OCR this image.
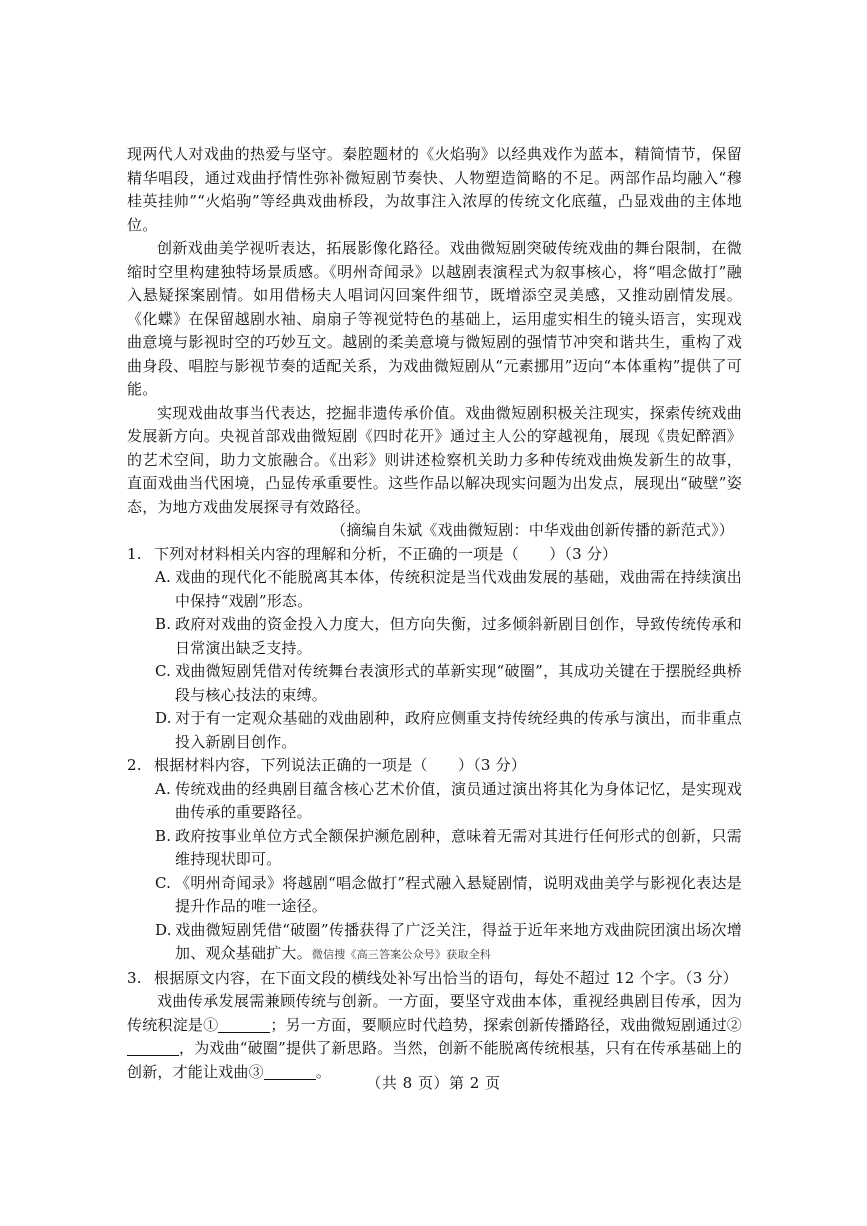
现两代人对戏曲的热爱与坚守。秦腔题材的《火焰驹》以经典戏作为蓝本，精简情节，保留精华唱段，通过戏曲抒情性弥补微短剧节奏快、人物塑造简略的不足。两部作品均融入“穆桂英挂帅”“火焰驹”等经典戏曲桥段，为故事注入浓厚的传统文化底蕴，凸显戏曲的主体地位。

创新戏曲美学视听表达，拓展影像化路径。戏曲微短剧突破传统戏曲的舞台限制，在微缩时空里构建独特场景质感。《明州奇闻录》以越剧表演程式为叙事核心，将“唱念做打”融入悬疑探案剧情。如用借杨夫人唱词闪回案件细节，既增添空灵美感，又推动剧情发展。《化蝶》在保留越剧水袖、扇扇子等视觉特色的基础上，运用虚实相生的镜头语言，实现戏曲意境与影视时空的巧妙互文。越剧的柔美意境与微短剧的强情节冲突和谐共生，重构了戏曲身段、唱腔与影视节奏的适配关系，为戏曲微短剧从“元素挪用”迈向“本体重构”提供了可能。

实现戏曲故事当代表达，挖掘非遗传承价值。戏曲微短剧积极关注现实，探索传统戏曲发展新方向。央视首部戏曲微短剧《四时花开》通过主人公的穿越视角，展现《贵妃醉酒》的艺术空间，助力文旅融合。《出彩》则讲述检察机关助力多种传统戏曲焕发新生的故事，直面戏曲当代困境，凸显传承重要性。这些作品以解决现实问题为出发点，展现出“破壁”姿态，为地方戏曲发展探寻有效路径。

（摘编自朱斌《戏曲微短剧：中华戏曲创新传播的新范式》）

1. 下列对材料相关内容的理解和分析，不正确的一项是（　　）（3 分）

A. 戏曲的现代化不能脱离其本体，传统积淀是当代戏曲发展的基础，戏曲需在持续演出中保持“戏剧”形态。

B. 政府对戏曲的资金投入力度大，但方向失衡，过多倾斜新剧目创作，导致传统传承和日常演出缺乏支持。

C. 戏曲微短剧凭借对传统舞台表演形式的革新实现“破圈”，其成功关键在于摆脱经典桥段与核心技法的束缚。

D. 对于有一定观众基础的戏曲剧种，政府应侧重支持传统经典的传承与演出，而非重点投入新剧目创作。

2. 根据材料内容，下列说法正确的一项是（　　）（3 分）

A. 传统戏曲的经典剧目蕴含核心艺术价值，演员通过演出将其化为身体记忆，是实现戏曲传承的重要路径。

B. 政府按事业单位方式全额保护濒危剧种，意味着无需对其进行任何形式的创新，只需维持现状即可。

C. 《明州奇闻录》将越剧“唱念做打”程式融入悬疑剧情，说明戏曲美学与影视化表达是提升作品的唯一途径。

D. 戏曲微短剧凭借“破圈”传播获得了广泛关注，得益于近年来地方戏曲院团演出场次增加、观众基础扩大。微信搜《高三答案公众号》获取全科

3. 根据原文内容，在下面文段的横线处补写出恰当的语句，每处不超过 12 个字。（3 分）

戏曲传承发展需兼顾传统与创新。一方面，要坚守戏曲本体，重视经典剧目传承，因为传统积淀是①	；另一方面，要顺应时代趋势，探索创新传播路径，戏曲微短剧通过②，为戏曲“破圈”提供了新思路。当然，创新不能脱离传统根基，只有在传承基础上的创新，才能让戏曲③	。

（共 8 页）第 2 页
